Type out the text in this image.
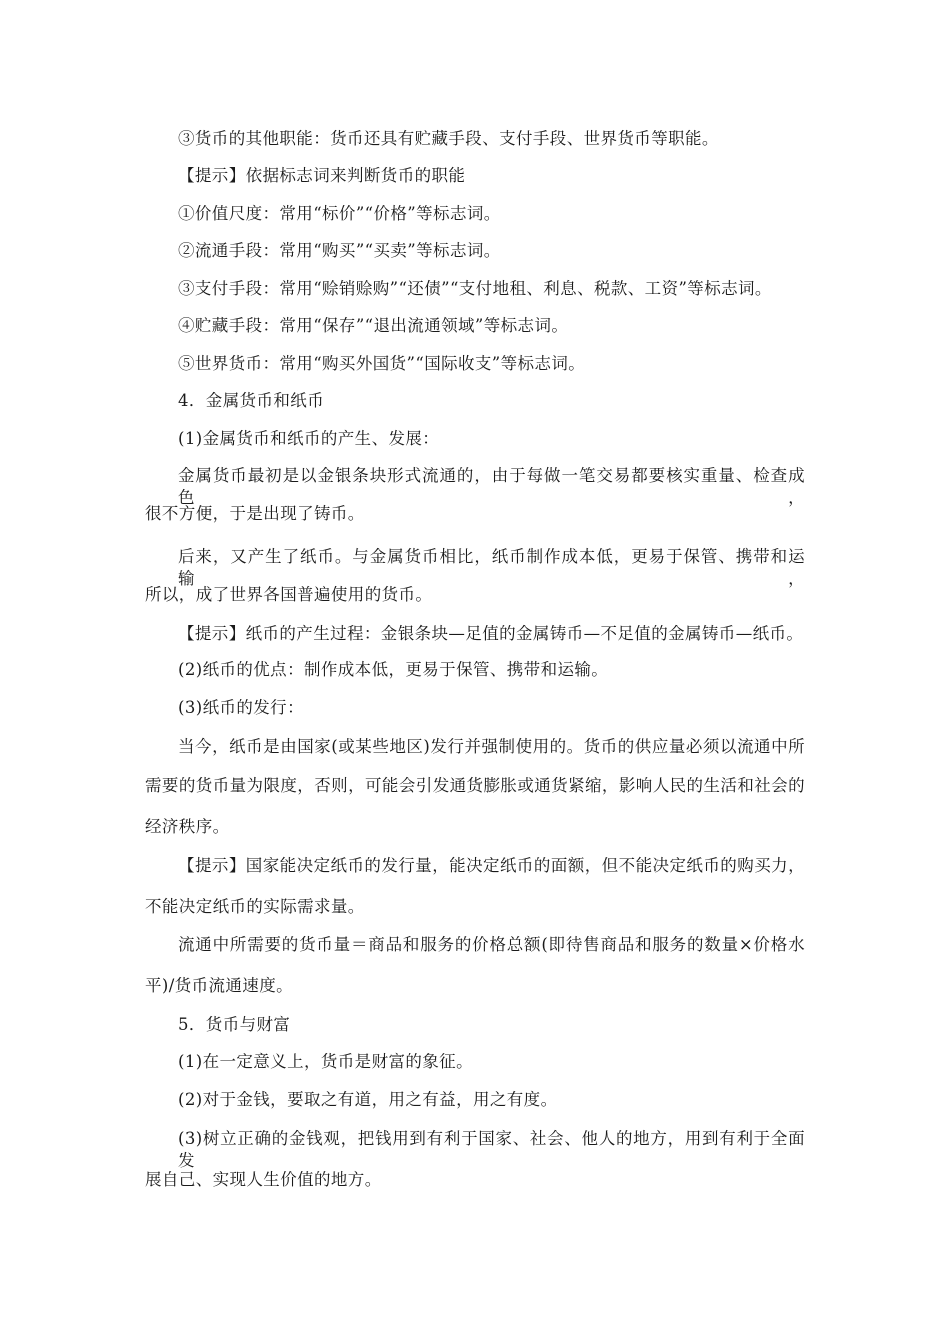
③货币的其他职能：货币还具有贮藏手段、支付手段、世界货币等职能。
【提示】依据标志词来判断货币的职能
①价值尺度：常用“标价”“价格”等标志词。
②流通手段：常用“购买”“买卖”等标志词。
③支付手段：常用“赊销赊购”“还债”“支付地租、利息、税款、工资”等标志词。
④贮藏手段：常用“保存”“退出流通领域”等标志词。
⑤世界货币：常用“购买外国货”“国际收支”等标志词。
4．金属货币和纸币
(1)金属货币和纸币的产生、发展：
金属货币最初是以金银条块形式流通的，由于每做一笔交易都要核实重量、检查成色，
很不方便，于是出现了铸币。
后来，又产生了纸币。与金属货币相比，纸币制作成本低，更易于保管、携带和运输，
所以，成了世界各国普遍使用的货币。
【提示】纸币的产生过程：金银条块—足值的金属铸币—不足值的金属铸币—纸币。
(2)纸币的优点：制作成本低，更易于保管、携带和运输。
(3)纸币的发行：
当今，纸币是由国家(或某些地区)发行并强制使用的。货币的供应量必须以流通中所
需要的货币量为限度，否则，可能会引发通货膨胀或通货紧缩，影响人民的生活和社会的
经济秩序。
【提示】国家能决定纸币的发行量，能决定纸币的面额，但不能决定纸币的购买力，
不能决定纸币的实际需求量。
流通中所需要的货币量＝商品和服务的价格总额(即待售商品和服务的数量×价格水
平)/货币流通速度。
5．货币与财富
(1)在一定意义上，货币是财富的象征。
(2)对于金钱，要取之有道，用之有益，用之有度。
(3)树立正确的金钱观，把钱用到有利于国家、社会、他人的地方，用到有利于全面发
展自己、实现人生价值的地方。
